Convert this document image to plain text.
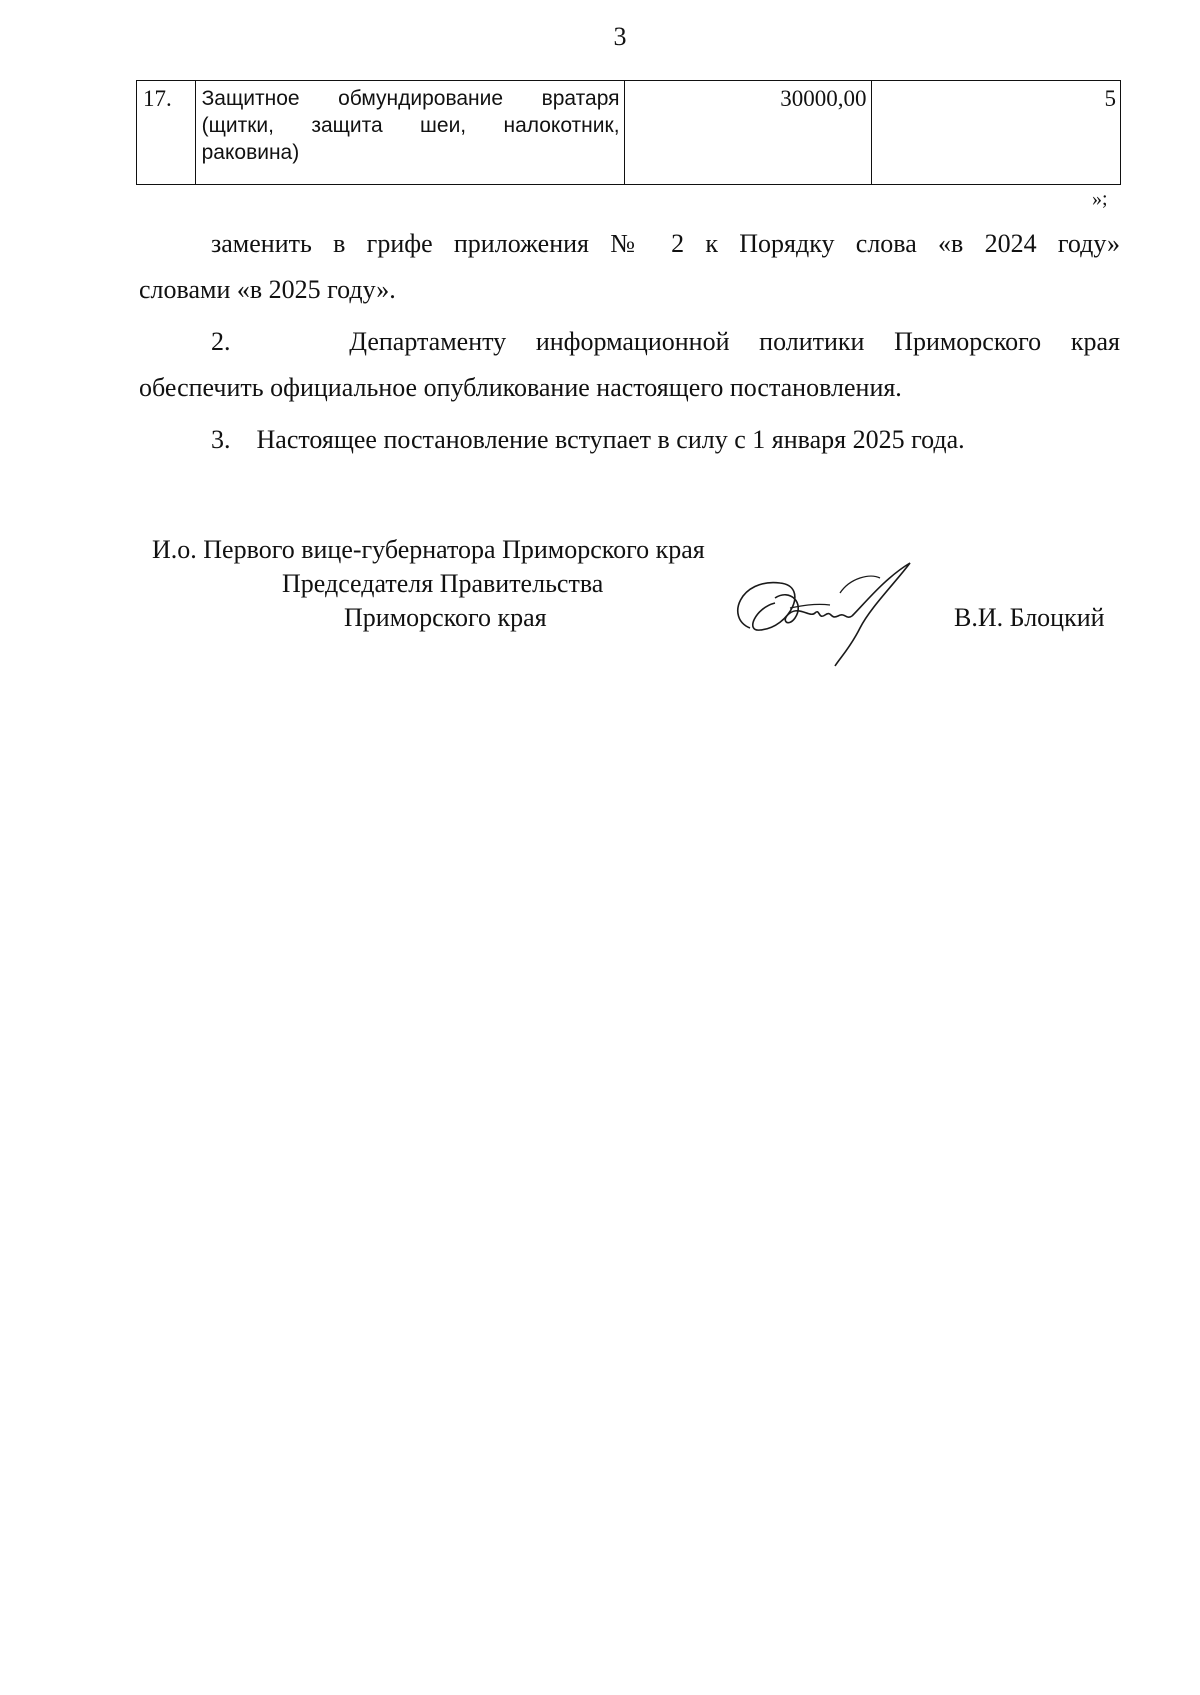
3
17.	Защитное обмундирование вратаря (щитки, защита шеи, налокотник, раковина)	30000,00	5
»;
заменить в грифе приложения № 2 к Порядку слова «в 2024 году»
словами «в 2025 году».
2.	Департаменту информационной политики Приморского края
обеспечить официальное опубликование настоящего постановления.
3. Настоящее постановление вступает в силу с 1 января 2025 года.
И.о. Первого вице-губернатора Приморского края
Председателя Правительства
Приморского края	В.И. Блоцкий
